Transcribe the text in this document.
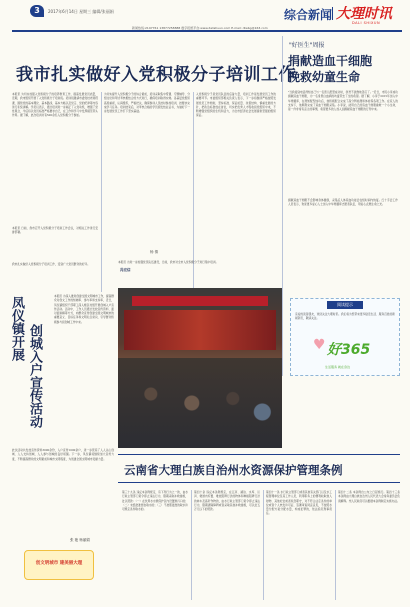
3	2017年6月14日 星期三 编辑/张丽娟
新闻热线:2197761 13877258888 数字报纸平台:www.dalishuun.com E-mail: dlwbg@163.com
综合新闻 大理时讯
DALI SHIXUN
我市扎实做好入党积极分子培训工作
本报讯 为切实加强入党积极分子的培养教育工作，提高发展党员质量，近期，我市组织开展了入党积极分子培训班。培训班邀请市委党校老师授课，围绕党的基本理论、基本路线、基本方略以及党章、党的纪律等内容进行系统讲解。学员们表示，通过培训进一步端正了入党动机，增强了党性观念，今后将以党员标准严格要求自己，在工作和学习中发挥模范带头作用。据了解，此次培训共有500余名入党积极分子参加。
本报讯 日前，我市召开入党积极分子培训工作会议，对相关工作进行安排部署。
我市扎实做好入党积极分子培训工作，受到广大党员群众的好评。
为切实提升入党积极分子的综合素质，培训采取集中授课、专题辅导、分组讨论和考试考核相结合的方式进行，确保培训取得实效。各基层党组织高度重视，认真组织，严格把关，确保参训人员按时参加培训，按要求完成学习任务。培训结束后，对考核合格的学员颁发结业证书，为做好下一步发展党员工作打下坚实基础。
杨 倩
入党积极分子是党员队伍的后备力量，培训工作是发展党员工作的重要环节。市委组织部相关负责人表示，下一步将继续严格按照发展党员工作细则，坚持标准、保证质量、改善结构、慎重发展的方针，把政治标准放在首位，切实把优秀人才吸收到党组织中来，不断增强党组织的生机和活力，为全市经济社会发展提供坚强的组织保证。
本报讯 为进一步加强党员队伍建设，日前，我市对全市入党积极分子进行集中培训。
冯宏信
"好医生"周报
捐献造血干细胞
挽救幼童生命
"当我接到电话得知自己与一名患儿配型成功时，我毫不犹豫地答应了。"近日，市民小李成功捐献造血干细胞，为一名身患白血病的幼童带去了生的希望。据了解，小李于2015年加入中华骨髓库，在得知配型成功后，他积极配合完成了高分辨检测和体检等各项工作。在家人的支持下，他顺利完成了造血干细胞采集。小李说，能用自己的造血干细胞挽救一个小生命，是一件非常有意义的事情，希望更多的人加入到捐献造血干细胞的行列中来。
捐献造血干细胞不会影响身体健康，采集后人体造血功能会在短时间内恢复。红十字会工作人员表示，欢迎更多爱心人士加入中华骨髓库志愿者队伍，用爱心点燃生命之光。
阅读提示
亲爱的读者朋友，欢迎关注大理时讯。我们将为您带来更多贴近生活、服务百姓的新闻资讯，敬请关注。
♥ 好365
生活服务 就在身边
凤仪镇开展 创城入户宣传活动
本报讯 为深入推进创建全国文明城市工作，提高群众对创文工作的知晓率、参与率和支持率，近日，凤仪镇组织干部职工深入辖区村组开展创城入户宣传活动。活动中，工作人员通过发放宣传资料、面对面讲解等方式，向群众宣传创建全国文明城市的重要意义、目标任务和文明礼仪常识，引导群众积极参与到创城工作中来。
此次活动共发放宣传资料3000余份，入户宣传1000余户，进一步营造了人人关心创城、人人支持创城、人人参与创城的良好氛围。下一步，凤仪镇将继续加大宣传力度，不断提高群众的文明素质和城市文明程度，为创建全国文明城市贡献力量。
张 艳 杨丽娟
创文明城市 建美丽大理
云南省大理白族自治州水资源保护管理条例
第三十九条 违反本条例规定，有下列行为之一的，由水行政主管部门责令停止违法行为，限期采取补救措施，处以罚款：（一）在饮用水水源保护区内设置排污口的；（二）未经批准擅自取水的；（三）不按照批准的取水许可规定条件取水的。
第四十条 违反本条例规定，在江河、湖泊、水库、运河、渠道内弃置、堆放阻碍行洪的物体和种植阻碍行洪的林木及高秆作物的，由水行政主管部门责令停止违法行为，限期清除障碍或者采取其他补救措施，可以处五万元以下的罚款。
第四十一条 水行政主管部门或者其他有关部门以及水工程管理单位及其工作人员，利用职务上的便利收取他人财物、其他好处或者玩忽职守，对不符合法定条件的单位或者个人核发许可证、签署审查同意意见，不按照水量分配方案分配水量，构成犯罪的，依法追究刑事责任。
第四十二条 本条例自公布之日起施行。第四十三条 本条例由大理白族自治州人民代表大会常务委员会负责解释。州人民政府可以根据本条例制定实施办法。
